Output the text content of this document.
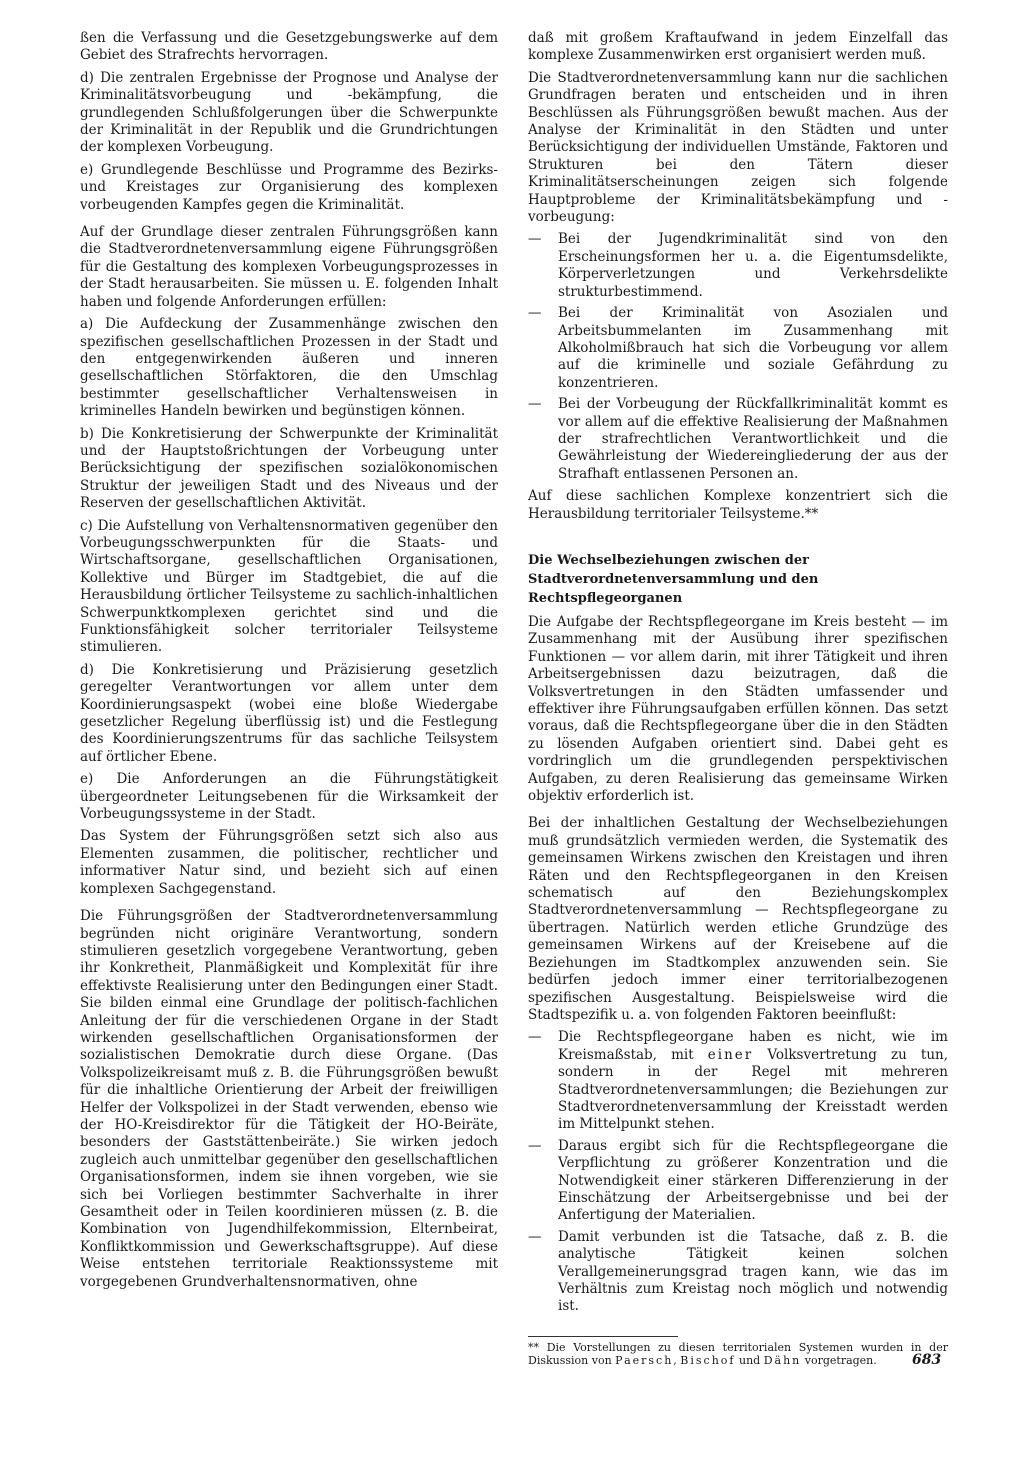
ßen die Verfassung und die Gesetzgebungswerke auf dem Gebiet des Strafrechts hervorragen.

d) Die zentralen Ergebnisse der Prognose und Analyse der Kriminalitätsvorbeugung und -bekämpfung, die grundlegenden Schlußfolgerungen über die Schwerpunkte der Kriminalität in der Republik und die Grundrichtungen der komplexen Vorbeugung.

e) Grundlegende Beschlüsse und Programme des Bezirks- und Kreistages zur Organisierung des komplexen vorbeugenden Kampfes gegen die Kriminalität.

Auf der Grundlage dieser zentralen Führungsgrößen kann die Stadtverordnetenversammlung eigene Führungsgrößen für die Gestaltung des komplexen Vorbeugungsprozesses in der Stadt herausarbeiten. Sie müssen u. E. folgenden Inhalt haben und folgende Anforderungen erfüllen:

a) Die Aufdeckung der Zusammenhänge zwischen den spezifischen gesellschaftlichen Prozessen in der Stadt und den entgegenwirkenden äußeren und inneren gesellschaftlichen Störfaktoren, die den Umschlag bestimmter gesellschaftlicher Verhaltensweisen in kriminelles Handeln bewirken und begünstigen können.

b) Die Konkretisierung der Schwerpunkte der Kriminalität und der Hauptstoßrichtungen der Vorbeugung unter Berücksichtigung der spezifischen sozialökonomischen Struktur der jeweiligen Stadt und des Niveaus und der Reserven der gesellschaftlichen Aktivität.

c) Die Aufstellung von Verhaltensnormativen gegenüber den Vorbeugungsschwerpunkten für die Staats- und Wirtschaftsorgane, gesellschaftlichen Organisationen, Kollektive und Bürger im Stadtgebiet, die auf die Herausbildung örtlicher Teilsysteme zu sachlich-inhaltlichen Schwerpunktkomplexen gerichtet sind und die Funktionsfähigkeit solcher territorialer Teilsysteme stimulieren.

d) Die Konkretisierung und Präzisierung gesetzlich geregelter Verantwortungen vor allem unter dem Koordinierungsaspekt (wobei eine bloße Wiedergabe gesetzlicher Regelung überflüssig ist) und die Festlegung des Koordinierungszentrums für das sachliche Teilsystem auf örtlicher Ebene.

e) Die Anforderungen an die Führungstätigkeit übergeordneter Leitungsebenen für die Wirksamkeit der Vorbeugungssysteme in der Stadt.

Das System der Führungsgrößen setzt sich also aus Elementen zusammen, die politischer, rechtlicher und informativer Natur sind, und bezieht sich auf einen komplexen Sachgegenstand.

Die Führungsgrößen der Stadtverordnetenversammlung begründen nicht originäre Verantwortung, sondern stimulieren gesetzlich vorgegebene Verantwortung, geben ihr Konkretheit, Planmäßigkeit und Komplexität für ihre effektivste Realisierung unter den Bedingungen einer Stadt. Sie bilden einmal eine Grundlage der politisch-fachlichen Anleitung der für die verschiedenen Organe in der Stadt wirkenden gesellschaftlichen Organisationsformen der sozialistischen Demokratie durch diese Organe. (Das Volkspolizeikreisamt muß z. B. die Führungsgrößen bewußt für die inhaltliche Orientierung der Arbeit der freiwilligen Helfer der Volkspolizei in der Stadt verwenden, ebenso wie der HO-Kreisdirektor für die Tätigkeit der HO-Beiräte, besonders der Gaststättenbeiräte.) Sie wirken jedoch zugleich auch unmittelbar gegenüber den gesellschaftlichen Organisationsformen, indem sie ihnen vorgeben, wie sie sich bei Vorliegen bestimmter Sachverhalte in ihrer Gesamtheit oder in Teilen koordinieren müssen (z. B. die Kombination von Jugendhilfekommission, Elternbeirat, Konfliktkommission und Gewerkschaftsgruppe). Auf diese Weise entstehen territoriale Reaktionssysteme mit vorgegebenen Grundverhaltensnormativen, ohne

daß mit großem Kraftaufwand in jedem Einzelfall das komplexe Zusammenwirken erst organisiert werden muß.

Die Stadtverordnetenversammlung kann nur die sachlichen Grundfragen beraten und entscheiden und in ihren Beschlüssen als Führungsgrößen bewußt machen. Aus der Analyse der Kriminalität in den Städten und unter Berücksichtigung der individuellen Umstände, Faktoren und Strukturen bei den Tätern dieser Kriminalitätserscheinungen zeigen sich folgende Hauptprobleme der Kriminalitätsbekämpfung und -vorbeugung:

— Bei der Jugendkriminalität sind von den Erscheinungsformen her u. a. die Eigentumsdelikte, Körperverletzungen und Verkehrsdelikte strukturbestimmend.
— Bei der Kriminalität von Asozialen und Arbeitsbummelanten im Zusammenhang mit Alkoholmißbrauch hat sich die Vorbeugung vor allem auf die kriminelle und soziale Gefährdung zu konzentrieren.
— Bei der Vorbeugung der Rückfallkriminalität kommt es vor allem auf die effektive Realisierung der Maßnahmen der strafrechtlichen Verantwortlichkeit und die Gewährleistung der Wiedereingliederung der aus der Strafhaft entlassenen Personen an.

Auf diese sachlichen Komplexe konzentriert sich die Herausbildung territorialer Teilsysteme.**

Die Wechselbeziehungen zwischen der Stadtverordnetenversammlung und den Rechtspflegeorganen

Die Aufgabe der Rechtspflegeorgane im Kreis besteht — im Zusammenhang mit der Ausübung ihrer spezifischen Funktionen — vor allem darin, mit ihrer Tätigkeit und ihren Arbeitsergebnissen dazu beizutragen, daß die Volksvertretungen in den Städten umfassender und effektiver ihre Führungsaufgaben erfüllen können. Das setzt voraus, daß die Rechtspflegeorgane über die in den Städten zu lösenden Aufgaben orientiert sind. Dabei geht es vordringlich um die grundlegenden perspektivischen Aufgaben, zu deren Realisierung das gemeinsame Wirken objektiv erforderlich ist.

Bei der inhaltlichen Gestaltung der Wechselbeziehungen muß grundsätzlich vermieden werden, die Systematik des gemeinsamen Wirkens zwischen den Kreistagen und ihren Räten und den Rechtspflegeorganen in den Kreisen schematisch auf den Beziehungskomplex Stadtverordnetenversammlung — Rechtspflegeorgane zu übertragen. Natürlich werden etliche Grundzüge des gemeinsamen Wirkens auf der Kreisebene auf die Beziehungen im Stadtkomplex anzuwenden sein. Sie bedürfen jedoch immer einer territorialbezogenen spezifischen Ausgestaltung. Beispielsweise wird die Stadtspezifik u. a. von folgenden Faktoren beeinflußt:

— Die Rechtspflegeorgane haben es nicht, wie im Kreismaßstab, mit einer Volksvertretung zu tun, sondern in der Regel mit mehreren Stadtverordnetenversammlungen; die Beziehungen zur Stadtverordnetenversammlung der Kreisstadt werden im Mittelpunkt stehen.
— Daraus ergibt sich für die Rechtspflegeorgane die Verpflichtung zu größerer Konzentration und die Notwendigkeit einer stärkeren Differenzierung in der Einschätzung der Arbeitsergebnisse und bei der Anfertigung der Materialien.
— Damit verbunden ist die Tatsache, daß z. B. die analytische Tätigkeit keinen solchen Verallgemeinerungsgrad tragen kann, wie das im Verhältnis zum Kreistag noch möglich und notwendig ist.
** Die Vorstellungen zu diesen territorialen Systemen wurden in der Diskussion von Paersch, Bischof und Dähn vorgetragen.	683
